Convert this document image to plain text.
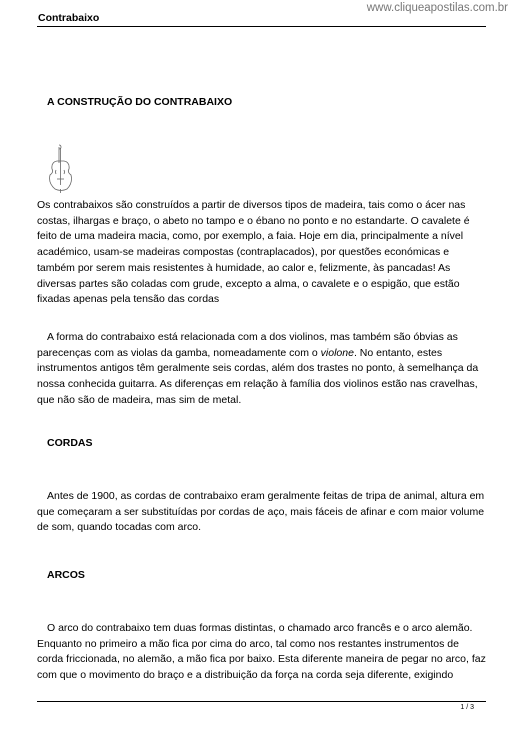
www.cliqueapostilas.com.br
Contrabaixo
A CONSTRUÇÃO DO CONTRABAIXO

Os contrabaixos são construídos a partir de diversos tipos de madeira, tais como o ácer nas costas, ilhargas e braço, o abeto no tampo e o ébano no ponto e no estandarte. O cavalete é feito de uma madeira macia, como, por exemplo, a faia. Hoje em dia, principalmente a nível académico, usam-se madeiras compostas (contraplacados), por questões económicas e também por serem mais resistentes à humidade, ao calor e, felizmente, às pancadas! As diversas partes são coladas com grude, excepto a alma, o cavalete e o espigão, que estão fixadas apenas pela tensão das cordas

A forma do contrabaixo está relacionada com a dos violinos, mas também são óbvias as parecenças com as violas da gamba, nomeadamente com o violone. No entanto, estes instrumentos antigos têm geralmente seis cordas, além dos trastes no ponto, à semelhança da nossa conhecida guitarra. As diferenças em relação à família dos violinos estão nas cravelhas, que não são de madeira, mas sim de metal.

CORDAS

Antes de 1900, as cordas de contrabaixo eram geralmente feitas de tripa de animal, altura em que começaram a ser substituídas por cordas de aço, mais fáceis de afinar e com maior volume de som, quando tocadas com arco.

ARCOS

O arco do contrabaixo tem duas formas distintas, o chamado arco francês e o arco alemão. Enquanto no primeiro a mão fica por cima do arco, tal como nos restantes instrumentos de corda friccionada, no alemão, a mão fica por baixo. Esta diferente maneira de pegar no arco, faz com que o movimento do braço e a distribuição da força na corda seja diferente, exigindo

1 / 3
